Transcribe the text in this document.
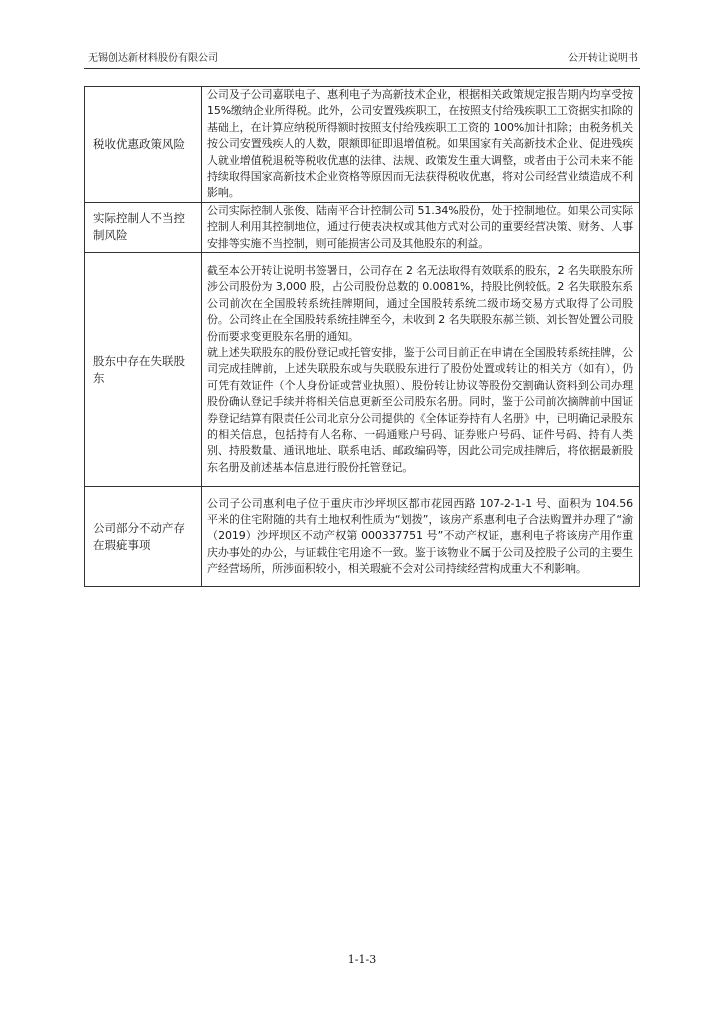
无锡创达新材料股份有限公司	公开转让说明书
税收优惠政策风险	公司及子公司嘉联电子、惠利电子为高新技术企业，根据相关政策规定报告期内均享受按 15%缴纳企业所得税。此外，公司安置残疾职工，在按照支付给残疾职工工资据实扣除的基础上，在计算应纳税所得额时按照支付给残疾职工工资的 100%加计扣除；由税务机关按公司安置残疾人的人数，限额即征即退增值税。如果国家有关高新技术企业、促进残疾人就业增值税退税等税收优惠的法律、法规、政策发生重大调整，或者由于公司未来不能持续取得国家高新技术企业资格等原因而无法获得税收优惠，将对公司经营业绩造成不利影响。

实际控制人不当控制风险	公司实际控制人张俊、陆南平合计控制公司 51.34%股份，处于控制地位。如果公司实际控制人利用其控制地位，通过行使表决权或其他方式对公司的重要经营决策、财务、人事安排等实施不当控制，则可能损害公司及其他股东的利益。

股东中存在失联股东	截至本公开转让说明书签署日，公司存在 2 名无法取得有效联系的股东，2 名失联股东所涉公司股份为 3,000 股，占公司股份总数的 0.0081%，持股比例较低。2 名失联股东系公司前次在全国股转系统挂牌期间，通过全国股转系统二级市场交易方式取得了公司股份。公司终止在全国股转系统挂牌至今，未收到 2 名失联股东郝兰锁、刘长智处置公司股份而要求变更股东名册的通知。

就上述失联股东的股份登记或托管安排，鉴于公司目前正在申请在全国股转系统挂牌，公司完成挂牌前，上述失联股东或与失联股东进行了股份处置或转让的相关方（如有），仍可凭有效证件（个人身份证或营业执照）、股份转让协议等股份交割确认资料到公司办理股份确认登记手续并将相关信息更新至公司股东名册。同时，鉴于公司前次摘牌前中国证券登记结算有限责任公司北京分公司提供的《全体证券持有人名册》中，已明确记录股东的相关信息，包括持有人名称、一码通账户号码、证券账户号码、证件号码、持有人类别、持股数量、通讯地址、联系电话、邮政编码等，因此公司完成挂牌后，将依据最新股东名册及前述基本信息进行股份托管登记。

公司部分不动产存在瑕疵事项	公司子公司惠利电子位于重庆市沙坪坝区都市花园西路 107-2-1-1 号、面积为 104.56 平米的住宅附随的共有土地权利性质为“划拨”，该房产系惠利电子合法购置并办理了“渝（2019）沙坪坝区不动产权第 000337751 号”不动产权证，惠利电子将该房产用作重庆办事处的办公，与证载住宅用途不一致。鉴于该物业不属于公司及控股子公司的主要生产经营场所，所涉面积较小，相关瑕疵不会对公司持续经营构成重大不利影响。

1-1-3
